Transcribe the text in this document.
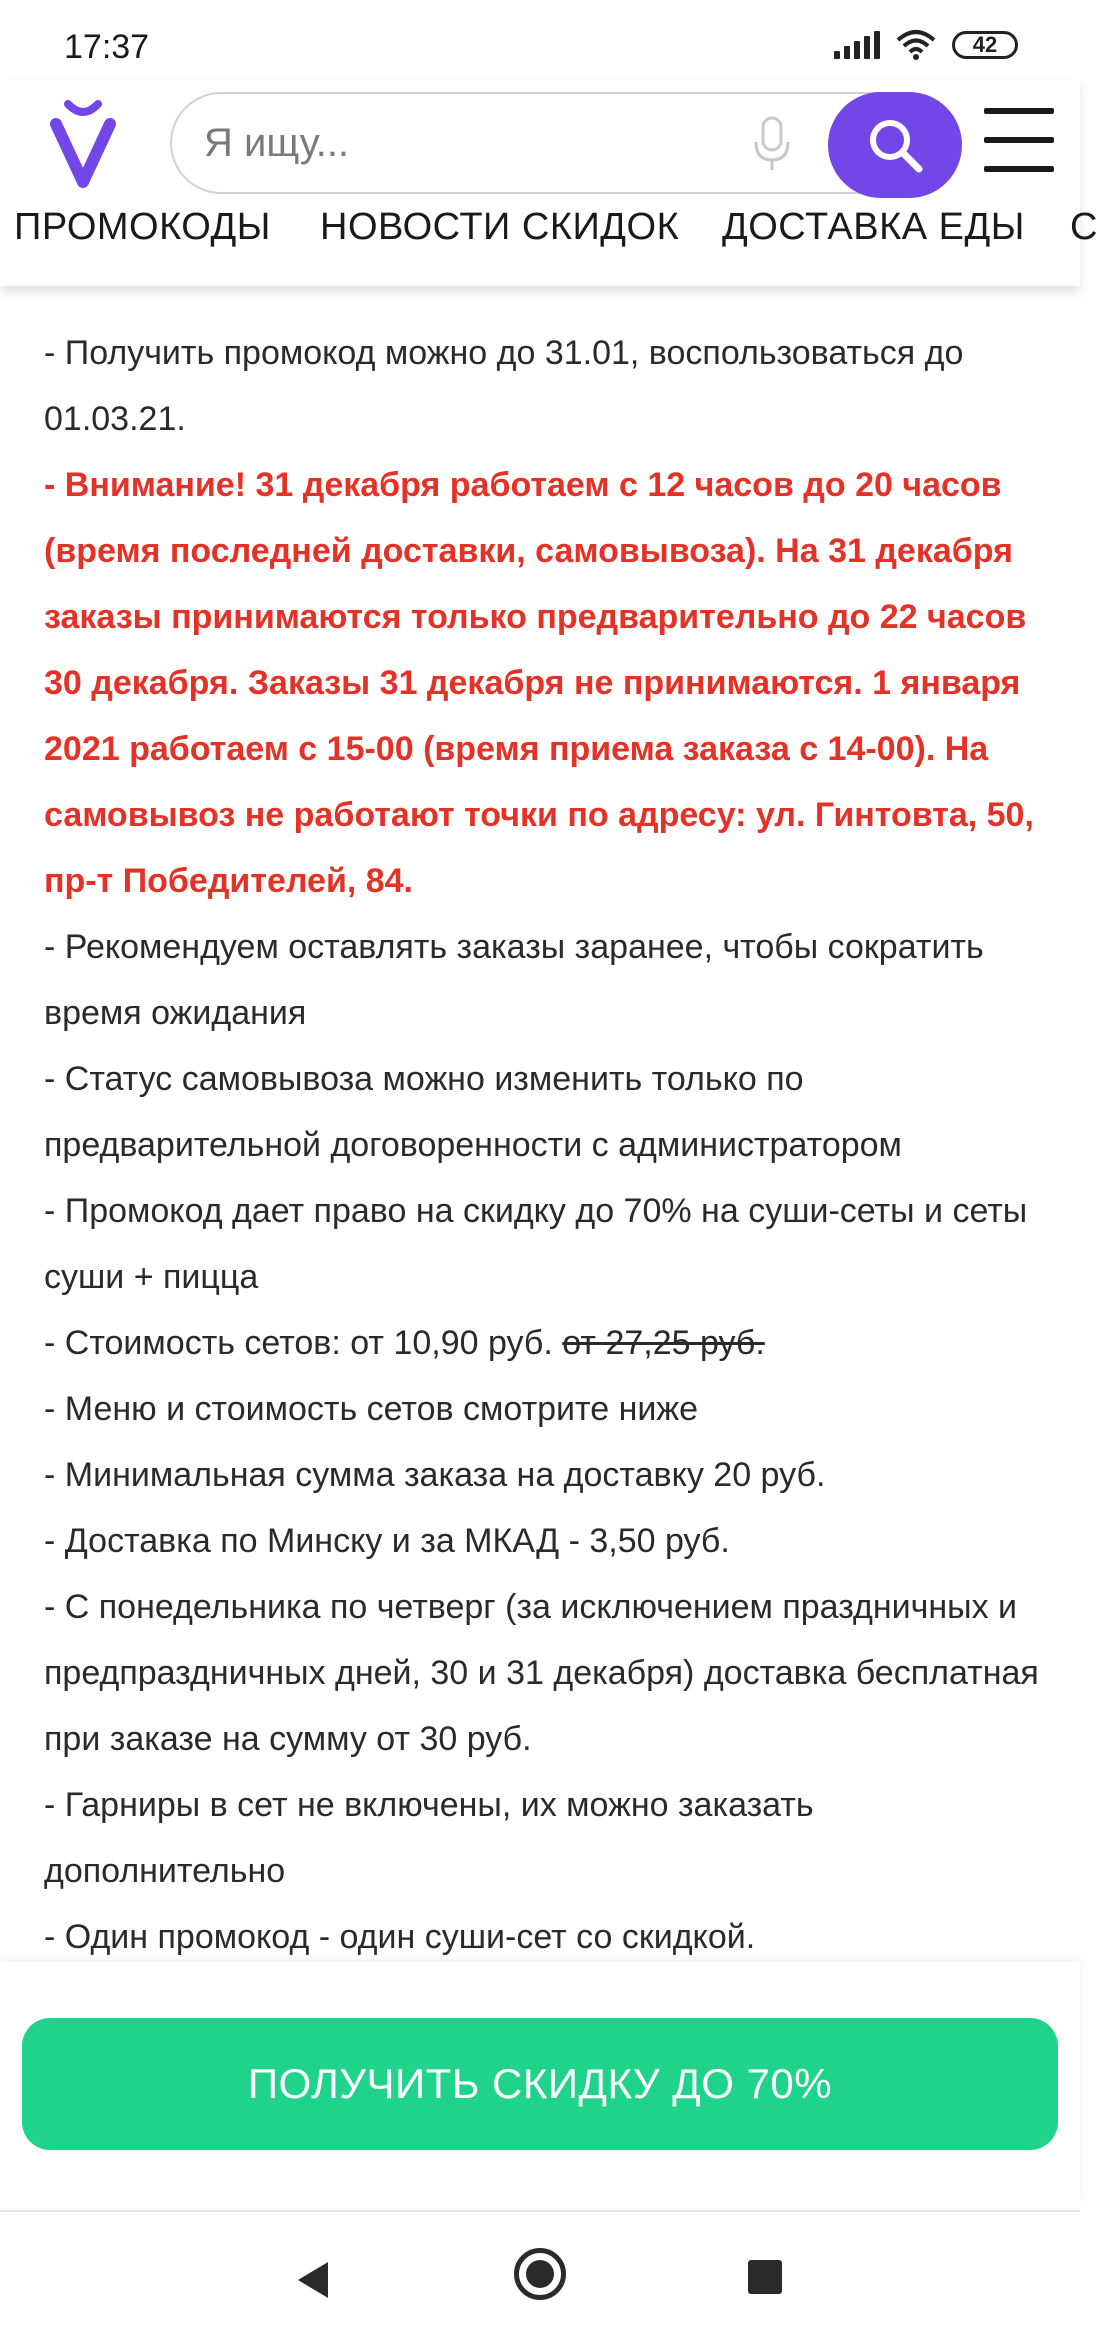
17:37	42
Я ищу...
ПРОМОКОДЫ НОВОСТИ СКИДОК ДОСТАВКА ЕДЫ С

- Получить промокод можно до 31.01, воспользоваться до 01.03.21.

- Внимание! 31 декабря работаем с 12 часов до 20 часов (время последней доставки, самовывоза). На 31 декабря заказы принимаются только предварительно до 22 часов 30 декабря. Заказы 31 декабря не принимаются. 1 января 2021 работаем с 15-00 (время приема заказа с 14-00). На самовывоз не работают точки по адресу: ул. Гинтовта, 50, пр-т Победителей, 84.

- Рекомендуем оставлять заказы заранее, чтобы сократить время ожидания

- Статус самовывоза можно изменить только по предварительной договоренности с администратором

- Промокод дает право на скидку до 70% на суши-сеты и сеты суши + пицца

- Стоимость сетов: от 10,90 руб. от 27,25 руб.

- Меню и стоимость сетов смотрите ниже

- Минимальная сумма заказа на доставку 20 руб.

- Доставка по Минску и за МКАД - 3,50 руб.

- С понедельника по четверг (за исключением праздничных и предпраздничных дней, 30 и 31 декабря) доставка бесплатная при заказе на сумму от 30 руб.

- Гарниры в сет не включены, их можно заказать дополнительно

- Один промокод - один суши-сет со скидкой.

ПОЛУЧИТЬ СКИДКУ ДО 70%
